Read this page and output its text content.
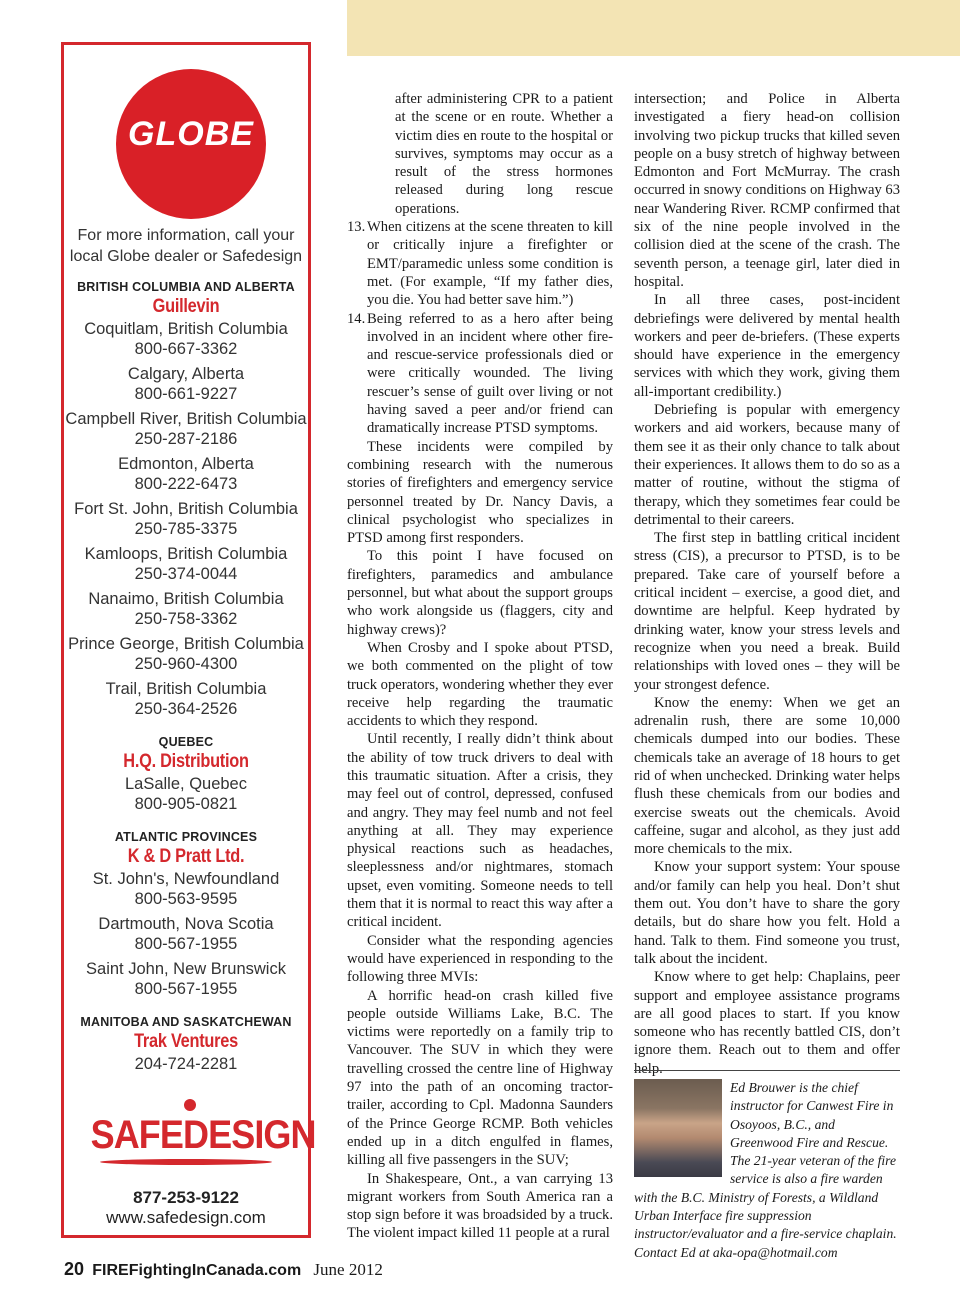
GLOBE
For more information, call your local Globe dealer or Safedesign
BRITISH COLUMBIA AND ALBERTA
Guillevin
Coquitlam, British Columbia
800-667-3362
Calgary, Alberta
800-661-9227
Campbell River, British Columbia
250-287-2186
Edmonton, Alberta
800-222-6473
Fort St. John, British Columbia
250-785-3375
Kamloops, British Columbia
250-374-0044
Nanaimo, British Columbia
250-758-3362
Prince George, British Columbia
250-960-4300
Trail, British Columbia
250-364-2526
QUEBEC
H.Q. Distribution
LaSalle, Quebec
800-905-0821
ATLANTIC PROVINCES
K & D Pratt Ltd.
St. John's, Newfoundland
800-563-9595
Dartmouth, Nova Scotia
800-567-1955
Saint John, New Brunswick
800-567-1955
MANITOBA AND SASKATCHEWAN
Trak Ventures
204-724-2281
SAFEDESIGN
877-253-9122
www.safedesign.com
after administering CPR to a patient at the scene or en route. Whether a victim dies en route to the hospital or survives, symptoms may occur as a result of the stress hormones released during long rescue operations.
13. When citizens at the scene threaten to kill or critically injure a firefighter or EMT/paramedic unless some condition is met. (For example, “If my father dies, you die. You had better save him.”)
14. Being referred to as a hero after being involved in an incident where other fire- and rescue-service professionals died or were critically wounded. The living rescuer’s sense of guilt over living or not having saved a peer and/or friend can dramatically increase PTSD symptoms.

These incidents were compiled by combining research with the numerous stories of firefighters and emergency service personnel treated by Dr. Nancy Davis, a clinical psychologist who specializes in PTSD among first responders.

To this point I have focused on firefighters, paramedics and ambulance personnel, but what about the support groups who work alongside us (flaggers, city and highway crews)?

When Crosby and I spoke about PTSD, we both commented on the plight of tow truck operators, wondering whether they ever receive help regarding the traumatic accidents to which they respond.

Until recently, I really didn’t think about the ability of tow truck drivers to deal with this traumatic situation. After a crisis, they may feel out of control, depressed, confused and angry. They may feel numb and not feel anything at all. They may experience physical reactions such as headaches, sleeplessness and/or nightmares, stomach upset, even vomiting. Someone needs to tell them that it is normal to react this way after a critical incident.

Consider what the responding agencies would have experienced in responding to the following three MVIs:

A horrific head-on crash killed five people outside Williams Lake, B.C. The victims were reportedly on a family trip to Vancouver. The SUV in which they were travelling crossed the centre line of Highway 97 into the path of an oncoming tractor-trailer, according to Cpl. Madonna Saunders of the Prince George RCMP. Both vehicles ended up in a ditch engulfed in flames, killing all five passengers in the SUV;

In Shakespeare, Ont., a van carrying 13 migrant workers from South America ran a stop sign before it was broadsided by a truck. The violent impact killed 11 people at a rural

intersection; and Police in Alberta investigated a fiery head-on collision involving two pickup trucks that killed seven people on a busy stretch of highway between Edmonton and Fort McMurray. The crash occurred in snowy conditions on Highway 63 near Wandering River. RCMP confirmed that six of the nine people involved in the collision died at the scene of the crash. The seventh person, a teenage girl, later died in hospital.

In all three cases, post-incident debriefings were delivered by mental health workers and peer de-briefers. (These experts should have experience in the emergency services with which they work, giving them all-important credibility.)

Debriefing is popular with emergency workers and aid workers, because many of them see it as their only chance to talk about their experiences. It allows them to do so as a matter of routine, without the stigma of therapy, which they sometimes fear could be detrimental to their careers.

The first step in battling critical incident stress (CIS), a precursor to PTSD, is to be prepared. Take care of yourself before a critical incident – exercise, a good diet, and downtime are helpful. Keep hydrated by drinking water, know your stress levels and recognize when you need a break. Build relationships with loved ones – they will be your strongest defence.

Know the enemy: When we get an adrenalin rush, there are some 10,000 chemicals dumped into our bodies. These chemicals take an average of 18 hours to get rid of when unchecked. Drinking water helps flush these chemicals from our bodies and exercise sweats out the chemicals. Avoid caffeine, sugar and alcohol, as they just add more chemicals to the mix.

Know your support system: Your spouse and/or family can help you heal. Don’t shut them out. You don’t have to share the gory details, but do share how you felt. Hold a hand. Talk to them. Find someone you trust, talk about the incident.

Know where to get help: Chaplains, peer support and employee assistance programs are all good places to start. If you know someone who has recently battled CIS, don’t ignore them. Reach out to them and offer help.

Ed Brouwer is the chief instructor for Canwest Fire in Osoyoos, B.C., and Greenwood Fire and Rescue. The 21-year veteran of the fire service is also a fire warden with the B.C. Ministry of Forests, a Wildland Urban Interface fire suppression instructor/evaluator and a fire-service chaplain. Contact Ed at aka-opa@hotmail.com
20 FIREFightingInCanada.com June 2012
